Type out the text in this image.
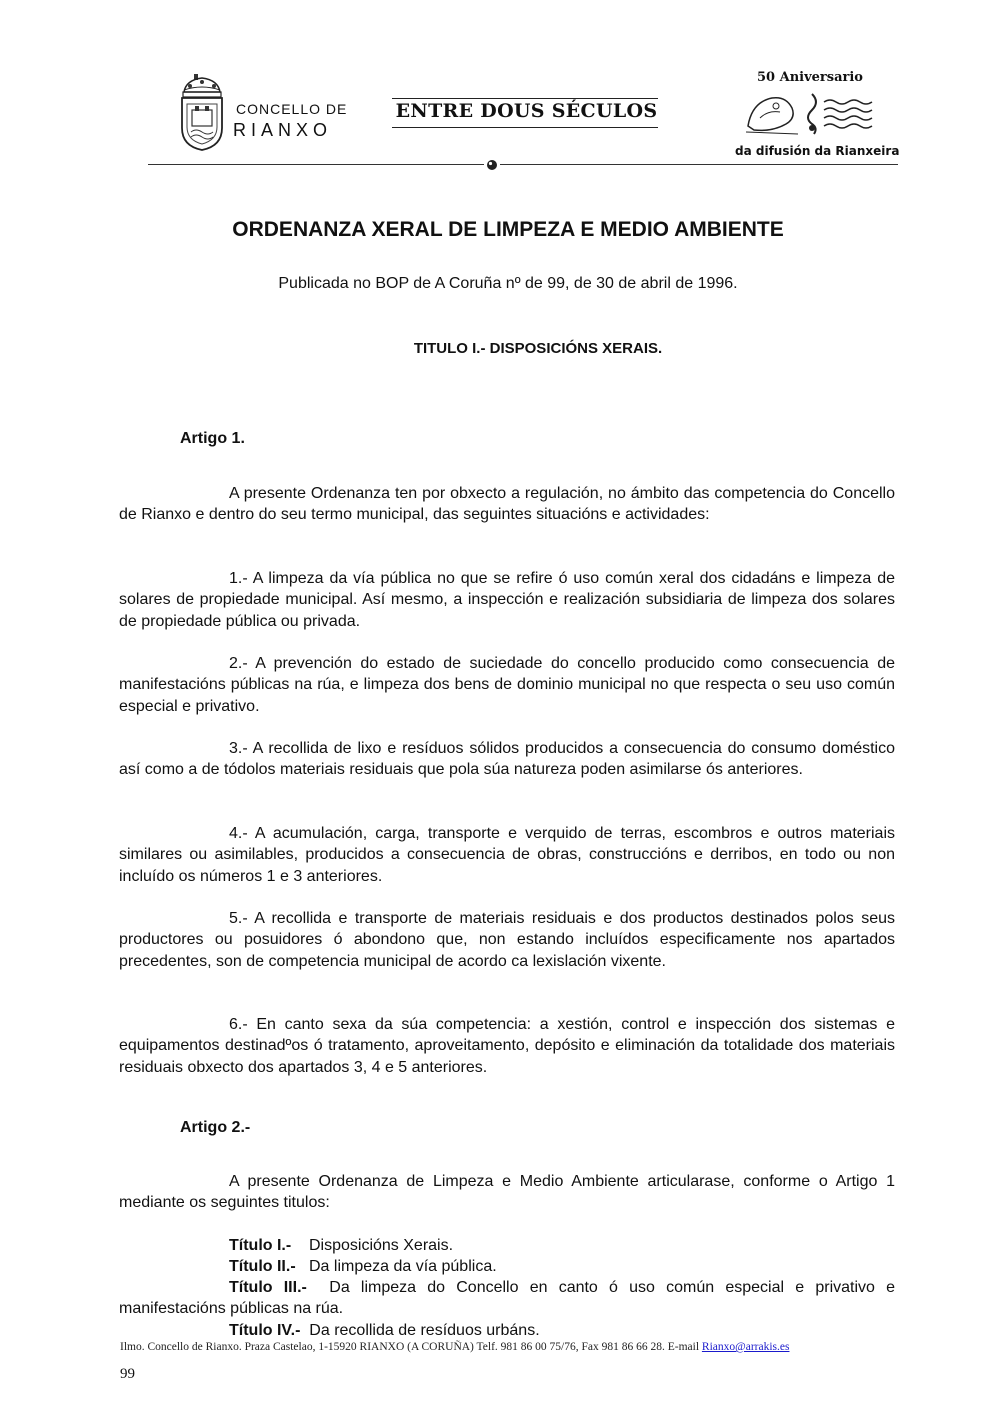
CONCELLO DE
RIANXO
ENTRE DOUS SÉCULOS
50 Aniversario
da difusión da Rianxeira
ORDENANZA XERAL DE LIMPEZA E MEDIO AMBIENTE
Publicada no BOP de A Coruña nº de 99, de 30 de abril de 1996.
TITULO I.- DISPOSICIÓNS XERAIS.
Artigo 1.

A presente Ordenanza ten por obxecto a regulación, no ámbito das competencia do Concello de Rianxo e dentro do seu termo municipal, das seguintes situacións e actividades:

1.- A limpeza da vía pública no que se refire ó uso común xeral dos cidadáns e limpeza de solares de propiedade municipal. Así mesmo, a inspección e realización subsidiaria de limpeza dos solares de propiedade pública ou privada.

2.- A prevención do estado de suciedade do concello producido como consecuencia de manifestacións públicas na rúa, e limpeza dos bens de dominio municipal no que respecta o seu uso común especial e privativo.

3.- A recollida de lixo e resíduos sólidos producidos a consecuencia do consumo doméstico así como a de tódolos materiais residuais que pola súa natureza poden asimilarse ós anteriores.

4.- A acumulación, carga, transporte e verquido de terras, escombros e outros materiais similares ou asimilables, producidos a consecuencia de obras, construccións e derribos, en todo ou non incluído os números 1 e 3 anteriores.

5.- A recollida e transporte de materiais residuais e dos productos destinados polos seus productores ou posuidores ó abondono que, non estando incluídos especificamente nos apartados precedentes, son de competencia municipal de acordo ca lexislación vixente.

6.- En canto sexa da súa competencia: a xestión, control e inspección dos sistemas e equipamentos destinadºos ó tratamento, aproveitamento, depósito e eliminación da totalidade dos materiais residuais obxecto dos apartados 3, 4 e 5 anteriores.

Artigo 2.-

A presente Ordenanza de Limpeza e Medio Ambiente articularase, conforme o Artigo 1 mediante os seguintes titulos:

Título I.- Disposicións Xerais.

Título II.- Da limpeza da vía pública.

Título III.- Da limpeza do Concello en canto ó uso común especial e privativo e manifestacións públicas na rúa.

Título IV.- Da recollida de resíduos urbáns.

Ilmo. Concello de Rianxo. Praza Castelao, 1-15920 RIANXO (A CORUÑA) Telf. 981 86 00 75/76, Fax 981 86 66 28. E-mail Rianxo@arrakis.es
99
